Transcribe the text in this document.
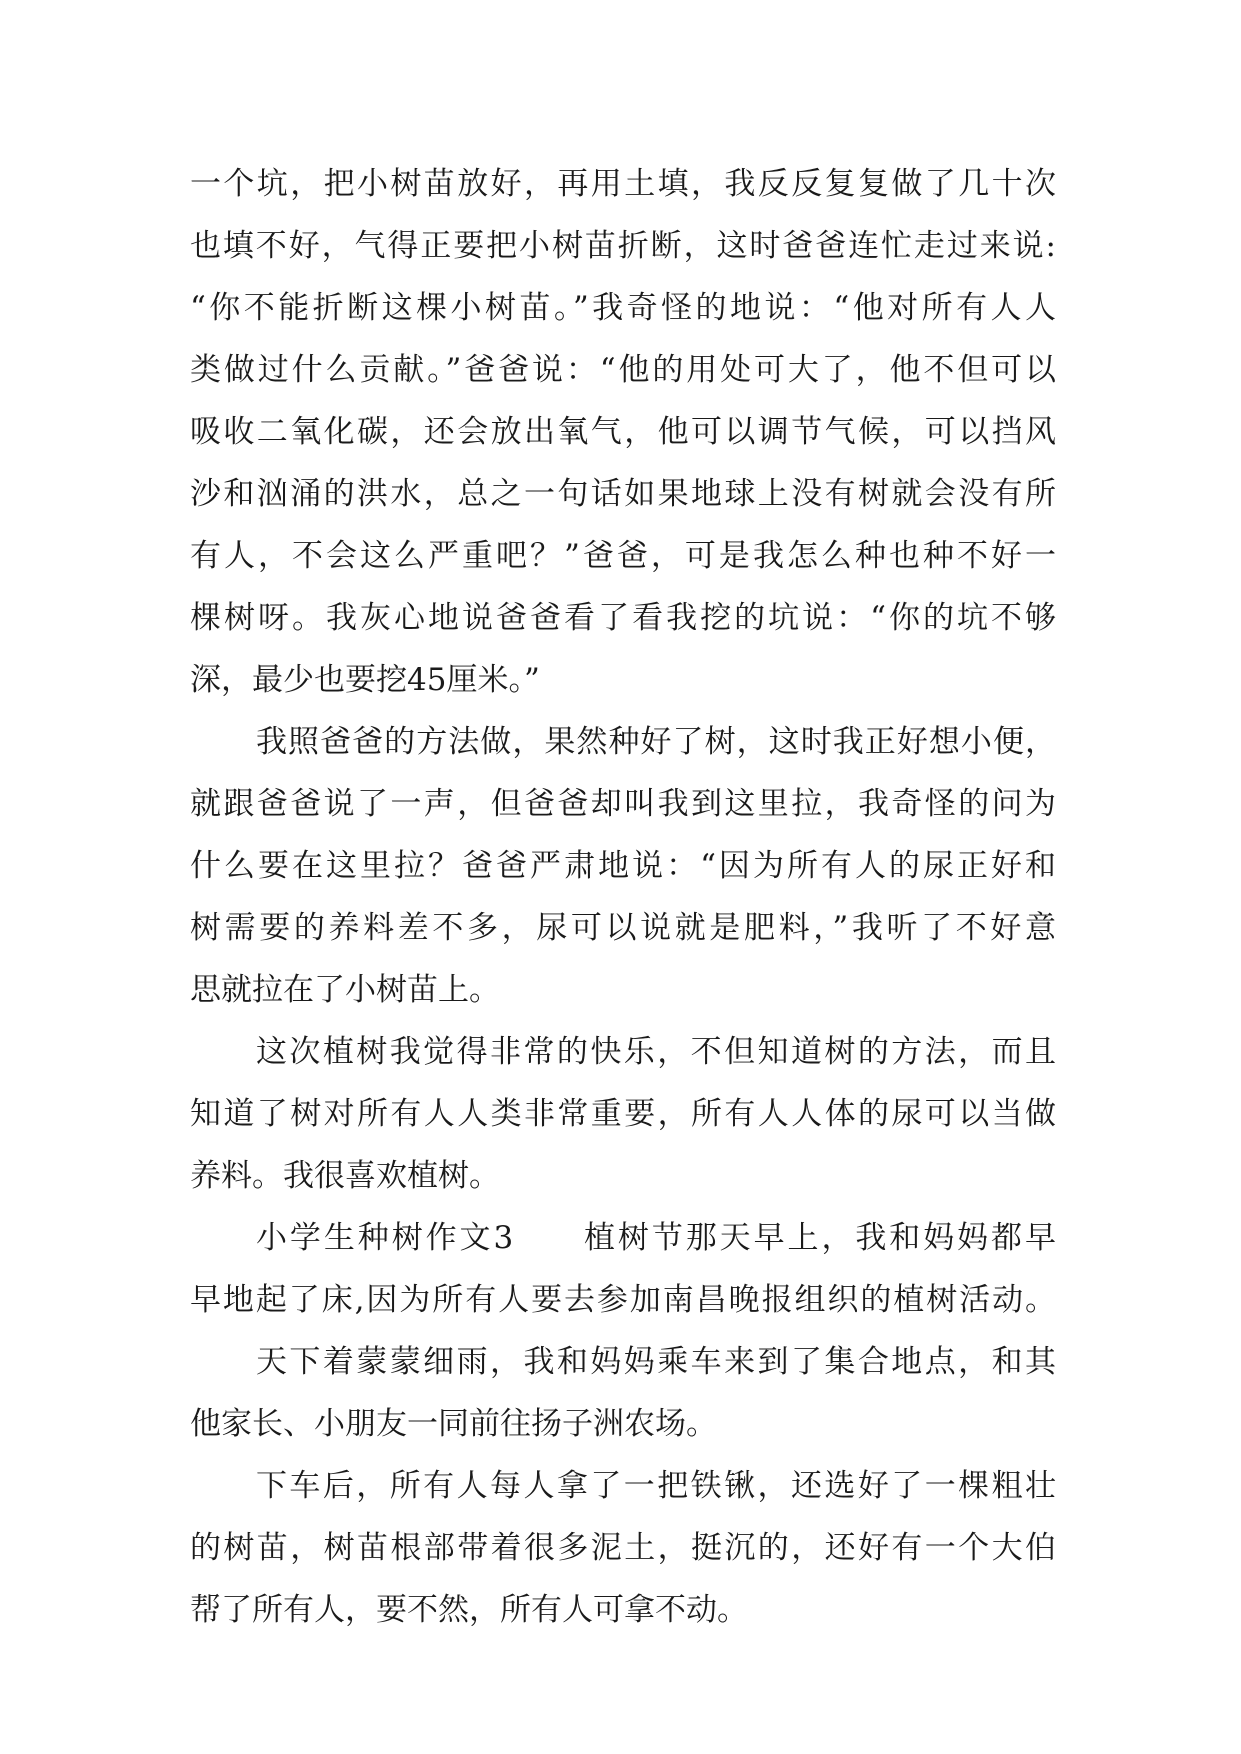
一个坑，把小树苗放好，再用土填，我反反复复做了几十次
也填不好，气得正要把小树苗折断，这时爸爸连忙走过来说:
“你不能折断这棵小树苗。”我奇怪的地说：“他对所有人人
类做过什么贡献。”爸爸说：“他的用处可大了，他不但可以
吸收二氧化碳，还会放出氧气，他可以调节气候，可以挡风
沙和汹涌的洪水，总之一句话如果地球上没有树就会没有所
有人，不会这么严重吧？”爸爸，可是我怎么种也种不好一
棵树呀。我灰心地说爸爸看了看我挖的坑说：“你的坑不够
深，最少也要挖45厘米。”
我照爸爸的方法做，果然种好了树，这时我正好想小便，
就跟爸爸说了一声，但爸爸却叫我到这里拉，我奇怪的问为
什么要在这里拉？爸爸严肃地说：“因为所有人的尿正好和
树需要的养料差不多，尿可以说就是肥料，”我听了不好意
思就拉在了小树苗上。
这次植树我觉得非常的快乐，不但知道树的方法，而且
知道了树对所有人人类非常重要，所有人人体的尿可以当做
养料。我很喜欢植树。
小学生种树作文3　　植树节那天早上，我和妈妈都早
早地起了床,因为所有人要去参加南昌晚报组织的植树活动。
天下着蒙蒙细雨，我和妈妈乘车来到了集合地点，和其
他家长、小朋友一同前往扬子洲农场。
下车后，所有人每人拿了一把铁锹，还选好了一棵粗壮
的树苗，树苗根部带着很多泥土，挺沉的，还好有一个大伯
帮了所有人，要不然，所有人可拿不动。
